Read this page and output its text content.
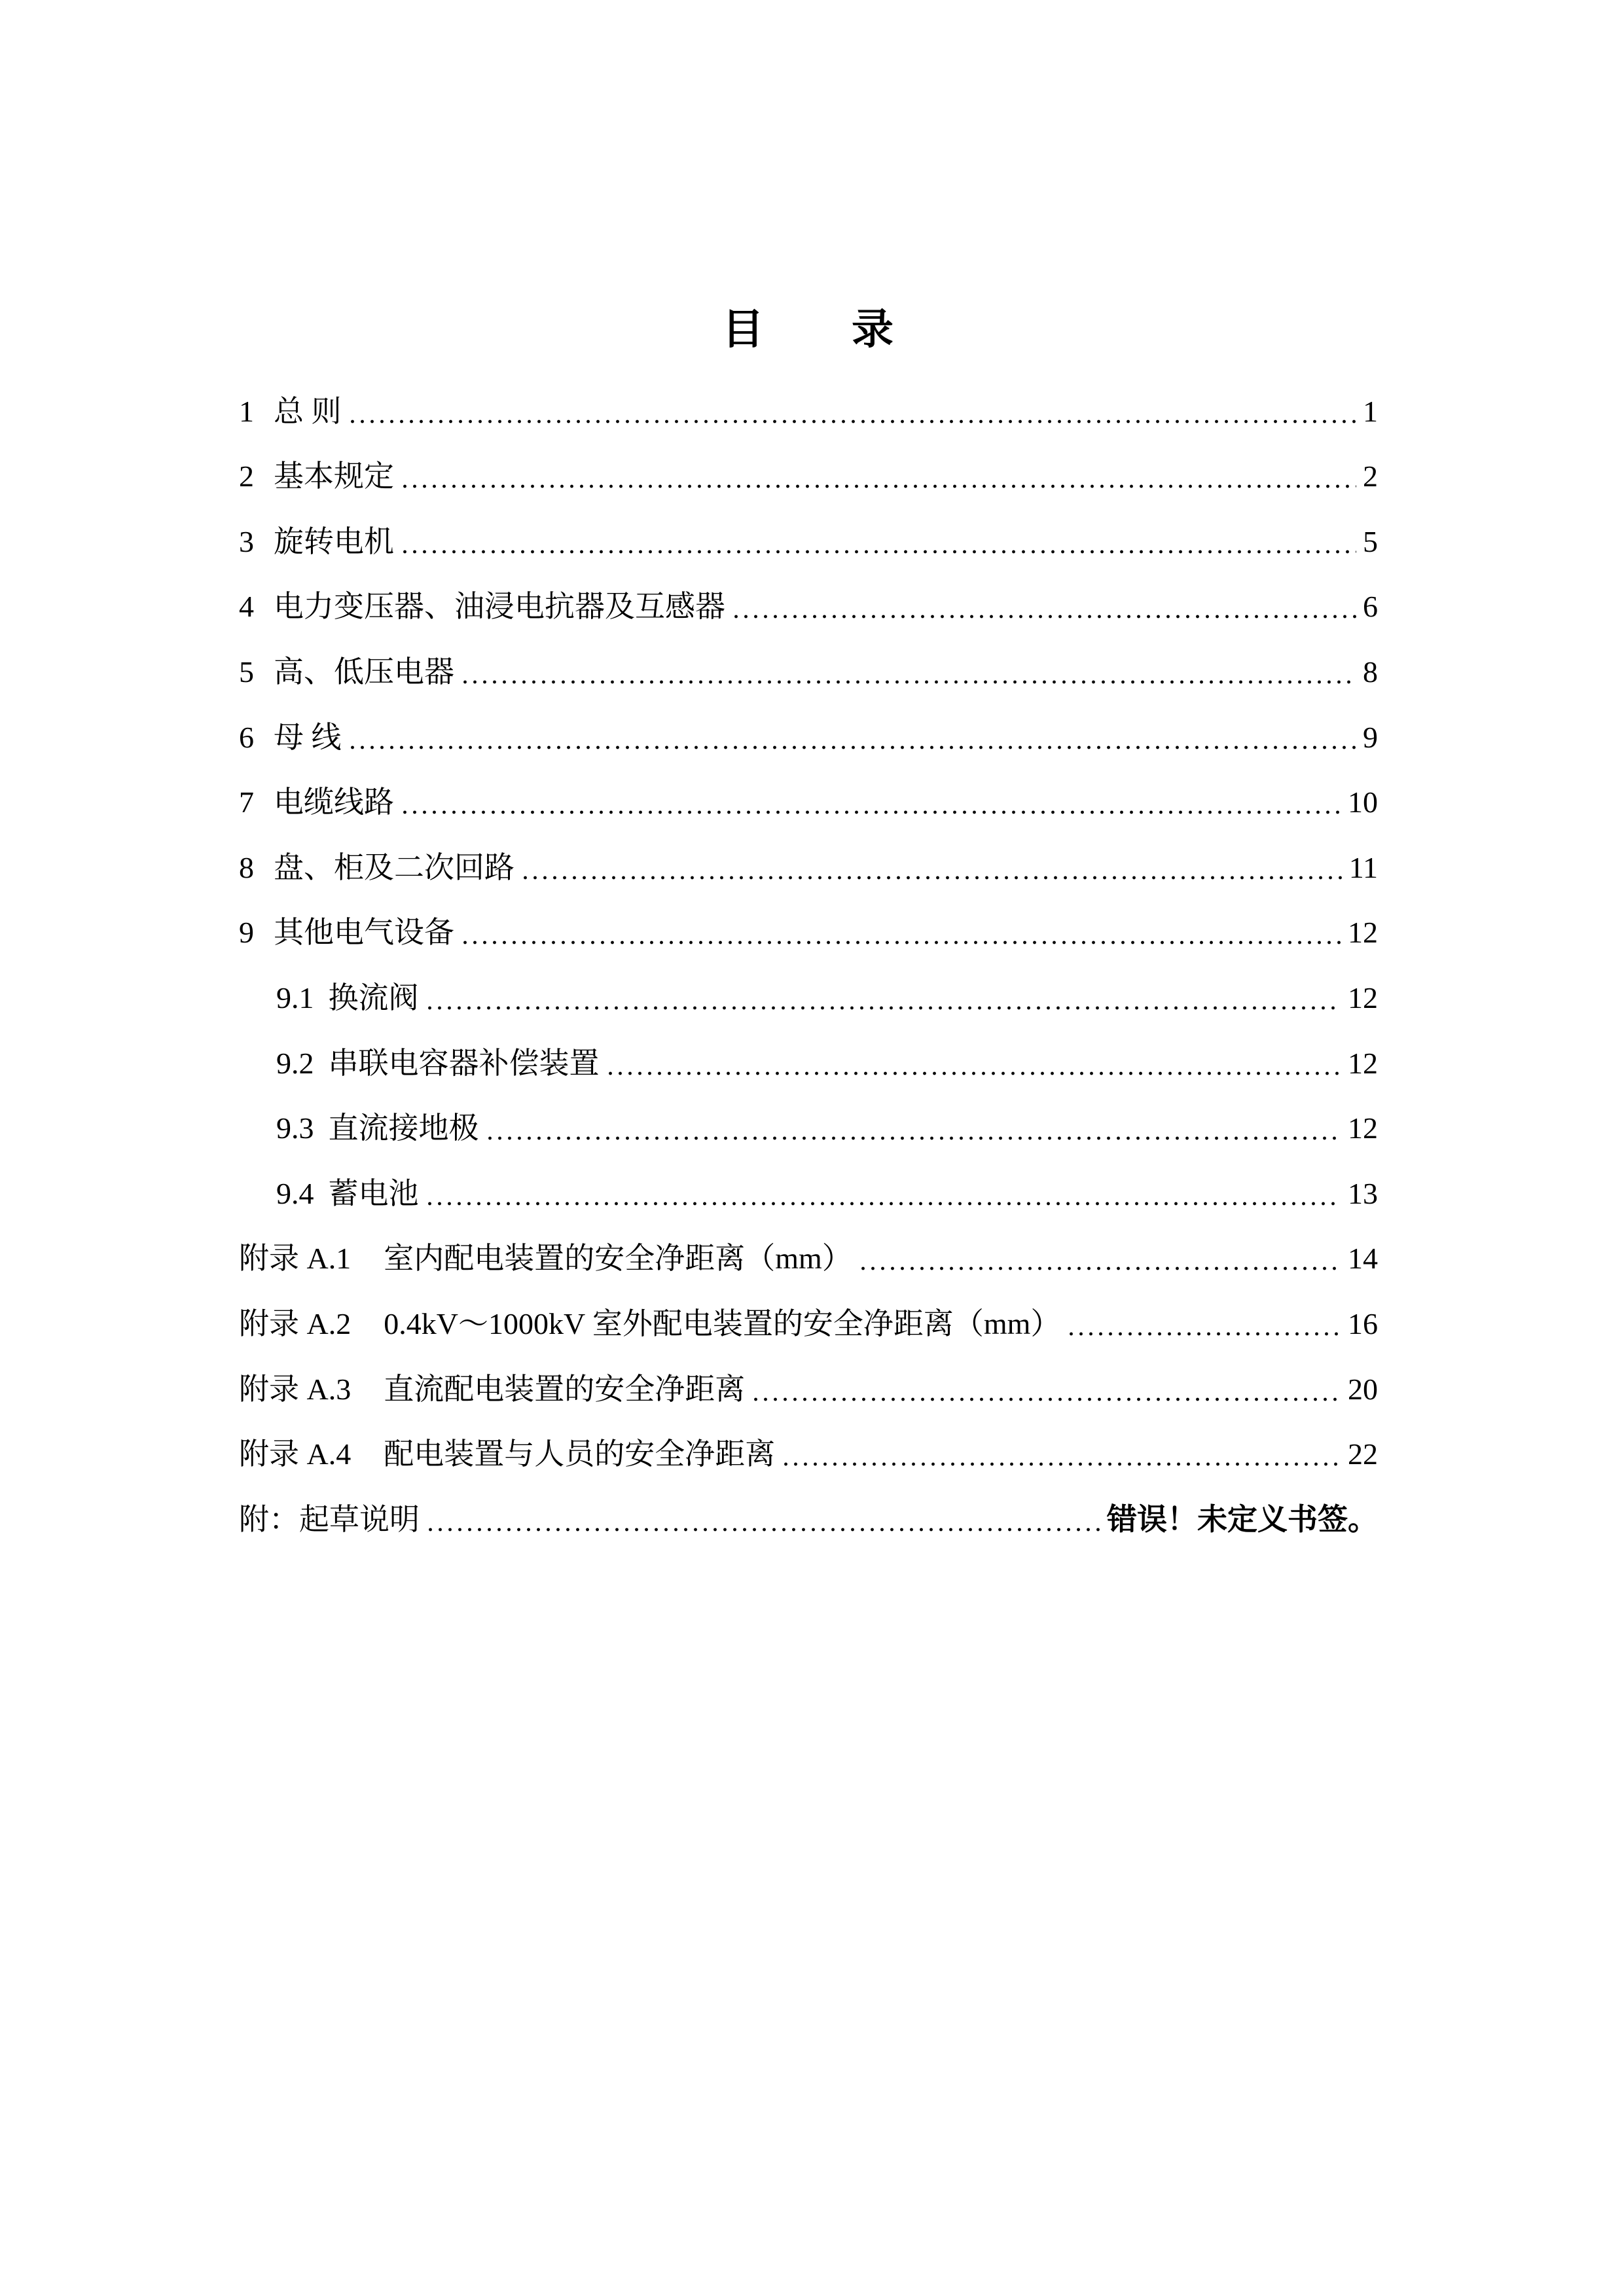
目　　录
1 总 则	1
2 基本规定	2
3 旋转电机	5
4 电力变压器、油浸电抗器及互感器	6
5 高、低压电器	8
6 母 线	9
7 电缆线路	10
8 盘、柜及二次回路	11
9 其他电气设备	12
9.1 换流阀	12
9.2 串联电容器补偿装置	12
9.3 直流接地极	12
9.4 蓄电池	13
附录 A.1 室内配电装置的安全净距离（mm）	14
附录 A.2 0.4kV～1000kV 室外配电装置的安全净距离（mm）	16
附录 A.3 直流配电装置的安全净距离	20
附录 A.4 配电装置与人员的安全净距离	22
附： 起草说明	错误！未定义书签。
